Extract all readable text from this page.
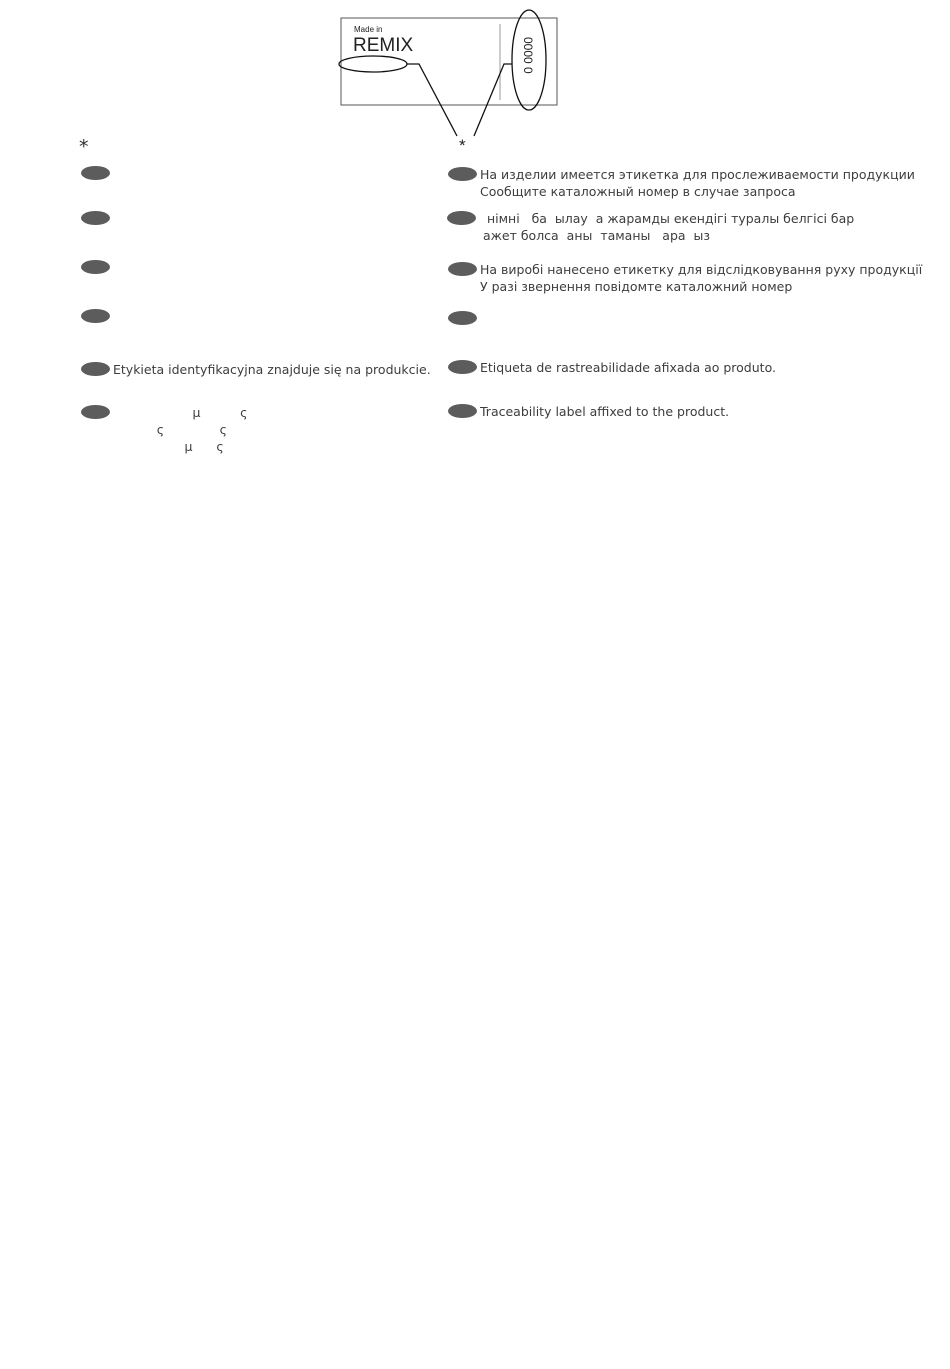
Made in
REMIX	0000 0
*
*
Etykieta identyfikacyjna znajduje się na produkcie.
μ          ς
ς              ς
μ      ς
На изделии имеется этикетка для прослеживаемости продукции
Сообщите каталожный номер в случае запроса
німні   ба  ылау  а жарамды екендігі туралы белгісі бар
ажет болса  аны  таманы   ара  ыз
На виробі нанесено етикетку для відслідковування руху продукції
У разі звернення повідомте каталожний номер
Etiqueta de rastreabilidade afixada ao produto.
Traceability label affixed to the product.
